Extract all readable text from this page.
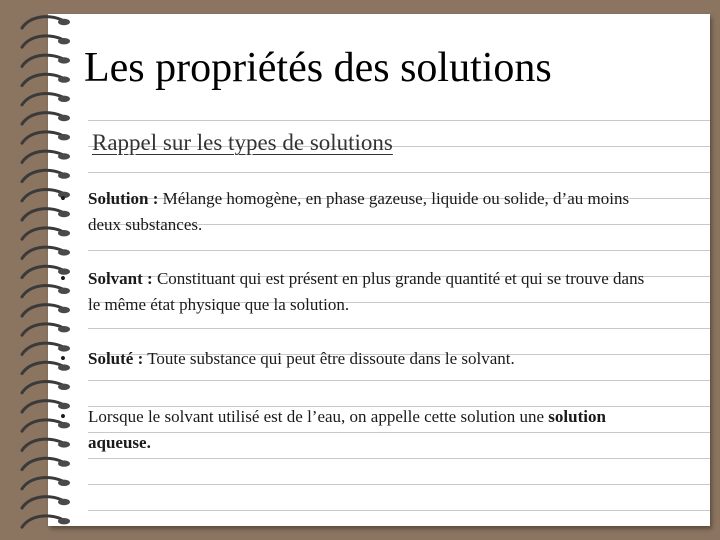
Les propriétés des solutions
Rappel sur les types de solutions
•	Solution : Mélange homogène, en phase gazeuse, liquide ou solide, d’au moins deux substances.
•	Solvant : Constituant qui est présent en plus grande quantité et qui se trouve dans le même état physique que la solution.
•	Soluté : Toute substance qui peut être dissoute dans le solvant.
•	Lorsque le solvant utilisé est de l’eau, on appelle cette solution une solution aqueuse.
